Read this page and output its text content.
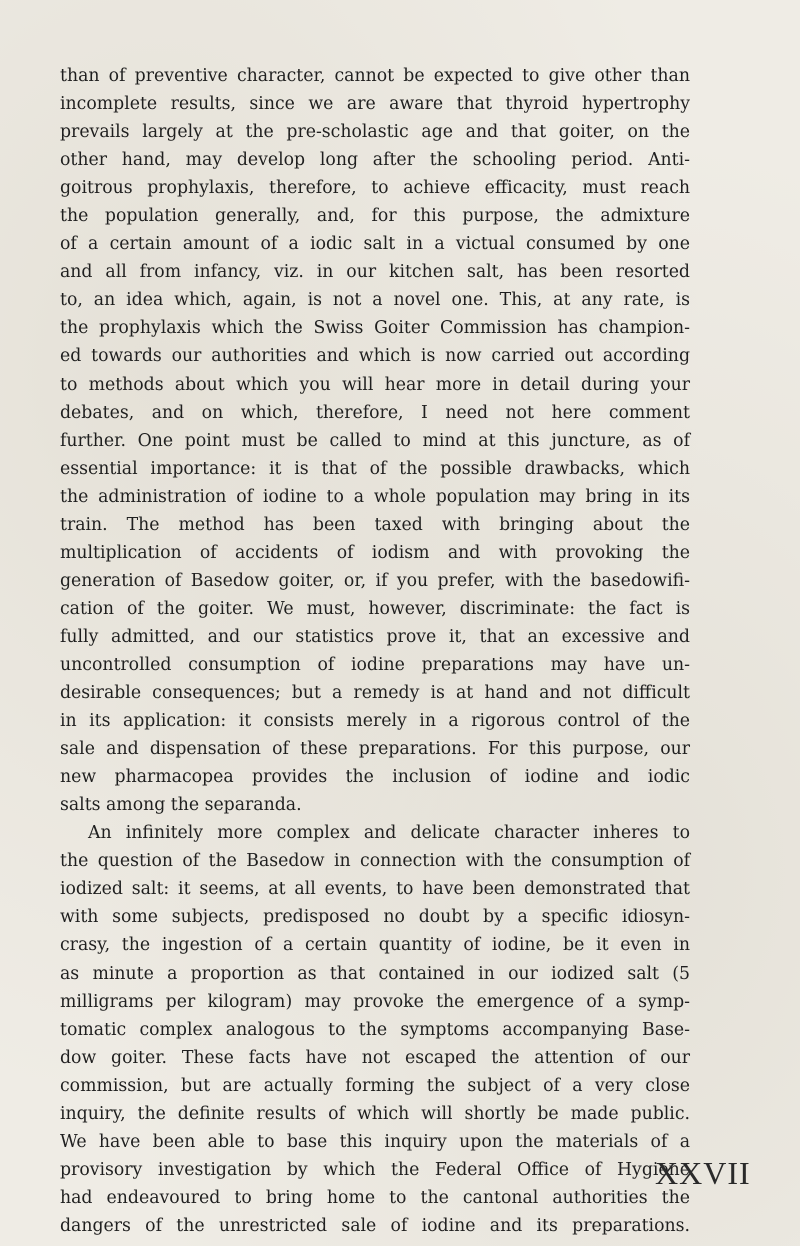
than of preventive character, cannot be expected to give other than
incomplete results, since we are aware that thyroid hypertrophy
prevails largely at the pre-scholastic age and that goiter, on the
other hand, may develop long after the schooling period. Anti-
goitrous prophylaxis, therefore, to achieve efficacity, must reach
the population generally, and, for this purpose, the admixture
of a certain amount of a iodic salt in a victual consumed by one
and all from infancy, viz. in our kitchen salt, has been resorted
to, an idea which, again, is not a novel one. This, at any rate, is
the prophylaxis which the Swiss Goiter Commission has champion-
ed towards our authorities and which is now carried out according
to methods about which you will hear more in detail during your
debates, and on which, therefore, I need not here comment
further. One point must be called to mind at this juncture, as of
essential importance: it is that of the possible drawbacks, which
the administration of iodine to a whole population may bring in its
train. The method has been taxed with bringing about the
multiplication of accidents of iodism and with provoking the
generation of Basedow goiter, or, if you prefer, with the basedowifi-
cation of the goiter. We must, however, discriminate: the fact is
fully admitted, and our statistics prove it, that an excessive and
uncontrolled consumption of iodine preparations may have un-
desirable consequences; but a remedy is at hand and not difficult
in its application: it consists merely in a rigorous control of the
sale and dispensation of these preparations. For this purpose, our
new pharmacopea provides the inclusion of iodine and iodic
salts among the separanda.
An infinitely more complex and delicate character inheres to
the question of the Basedow in connection with the consumption of
iodized salt: it seems, at all events, to have been demonstrated that
with some subjects, predisposed no doubt by a specific idiosyn-
crasy, the ingestion of a certain quantity of iodine, be it even in
as minute a proportion as that contained in our iodized salt (5
milligrams per kilogram) may provoke the emergence of a symp-
tomatic complex analogous to the symptoms accompanying Base-
dow goiter. These facts have not escaped the attention of our
commission, but are actually forming the subject of a very close
inquiry, the definite results of which will shortly be made public.
We have been able to base this inquiry upon the materials of a
provisory investigation by which the Federal Office of Hygiene
had endeavoured to bring home to the cantonal authorities the
dangers of the unrestricted sale of iodine and its preparations.
XXVII
